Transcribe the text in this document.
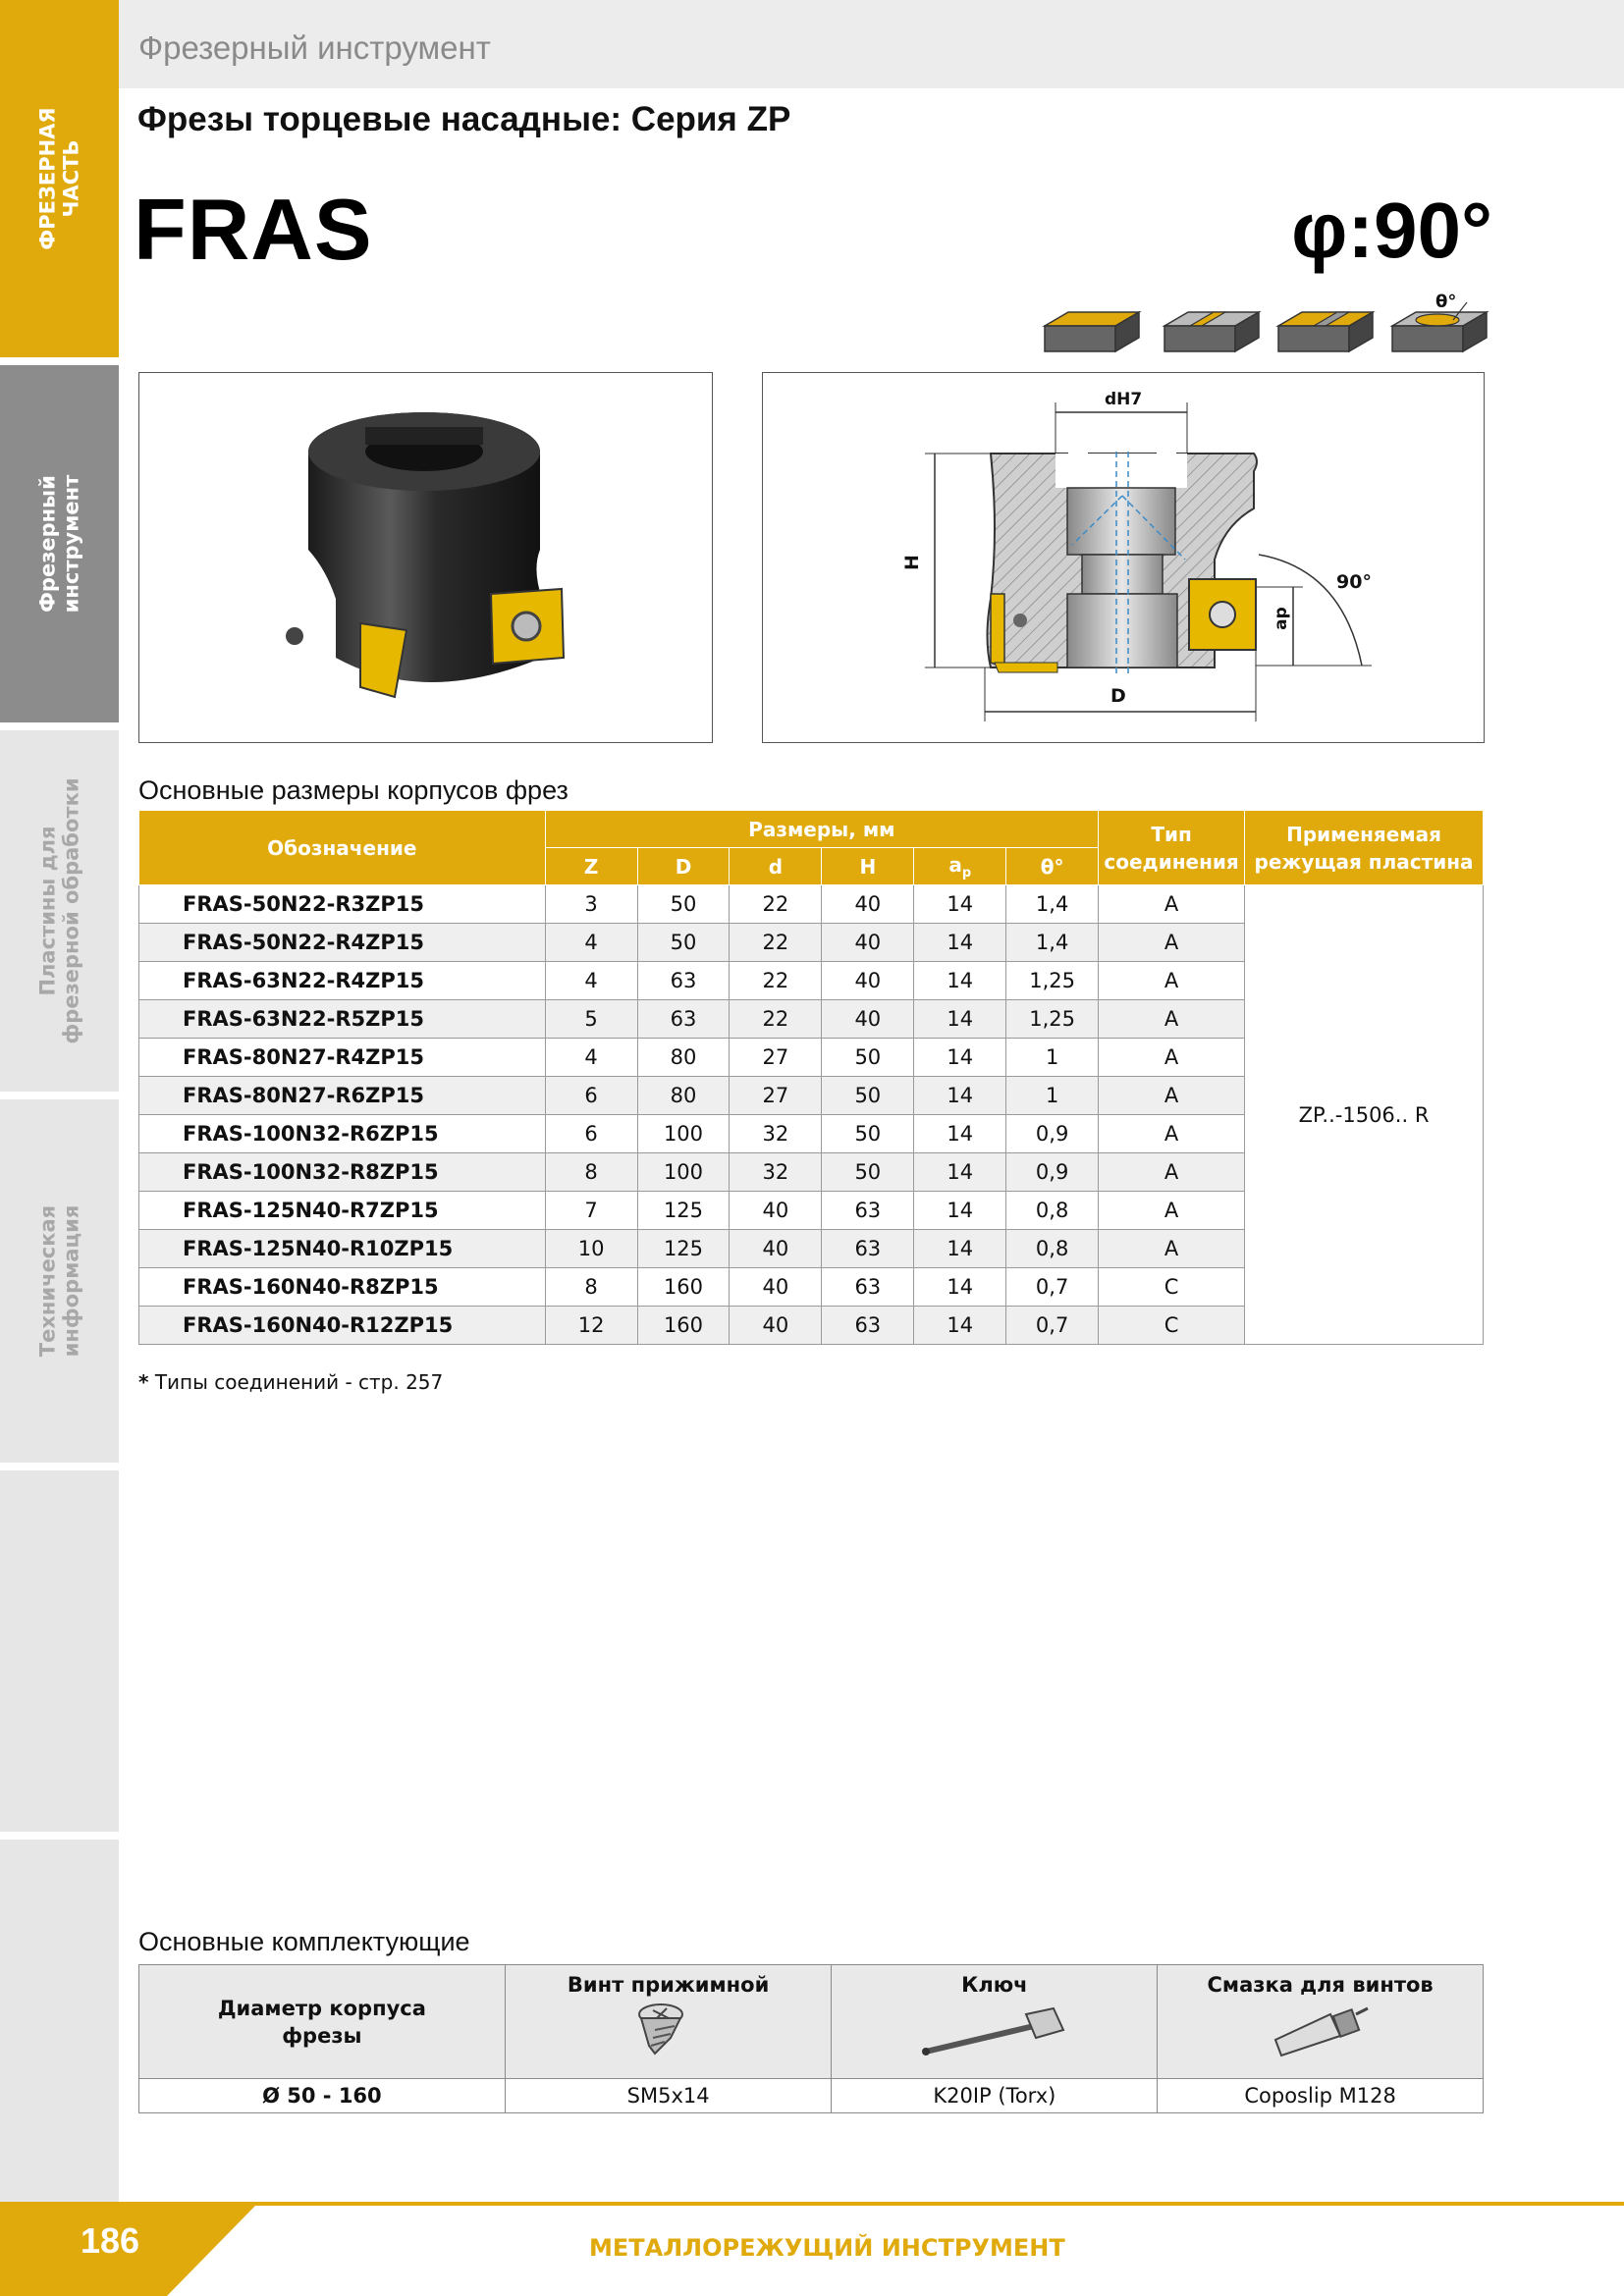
ФРЕЗЕРНАЯ ЧАСТЬ
Фрезерный инструмент
Пластины для фрезерной обработки
Техническая информация
Фрезерный инструмент
Фрезы торцевые насадные: Серия ZP
FRAS	φ:90°
θ°
dH7
H
D
ap
90°
Основные размеры корпусов фрез
Обозначение	Размеры, мм						Тип соединения	Применяемая режущая пластина
	Z	D	d	H	$a_p$	θ°		
FRAS-50N22-R3ZP15	3	50	22	40	14	1,4	A	ZP..-1506.. R
FRAS-50N22-R4ZP15	4	50	22	40	14	1,4	A	
FRAS-63N22-R4ZP15	4	63	22	40	14	1,25	A	
FRAS-63N22-R5ZP15	5	63	22	40	14	1,25	A	
FRAS-80N27-R4ZP15	4	80	27	50	14	1	A	
FRAS-80N27-R6ZP15	6	80	27	50	14	1	A	
FRAS-100N32-R6ZP15	6	100	32	50	14	0,9	A	
FRAS-100N32-R8ZP15	8	100	32	50	14	0,9	A	
FRAS-125N40-R7ZP15	7	125	40	63	14	0,8	A	
FRAS-125N40-R10ZP15	10	125	40	63	14	0,8	A	
FRAS-160N40-R8ZP15	8	160	40	63	14	0,7	C	
FRAS-160N40-R12ZP15	12	160	40	63	14	0,7	C	
* Типы соединений - стр. 257
Основные комплектующие
Диаметр корпуса фрезы	Винт прижимной	Ключ	Смазка для винтов

Ø 50 - 160	SM5x14	K20IP (Torx)	Coposlip M128
186	МЕТАЛЛОРЕЖУЩИЙ ИНСТРУМЕНТ
